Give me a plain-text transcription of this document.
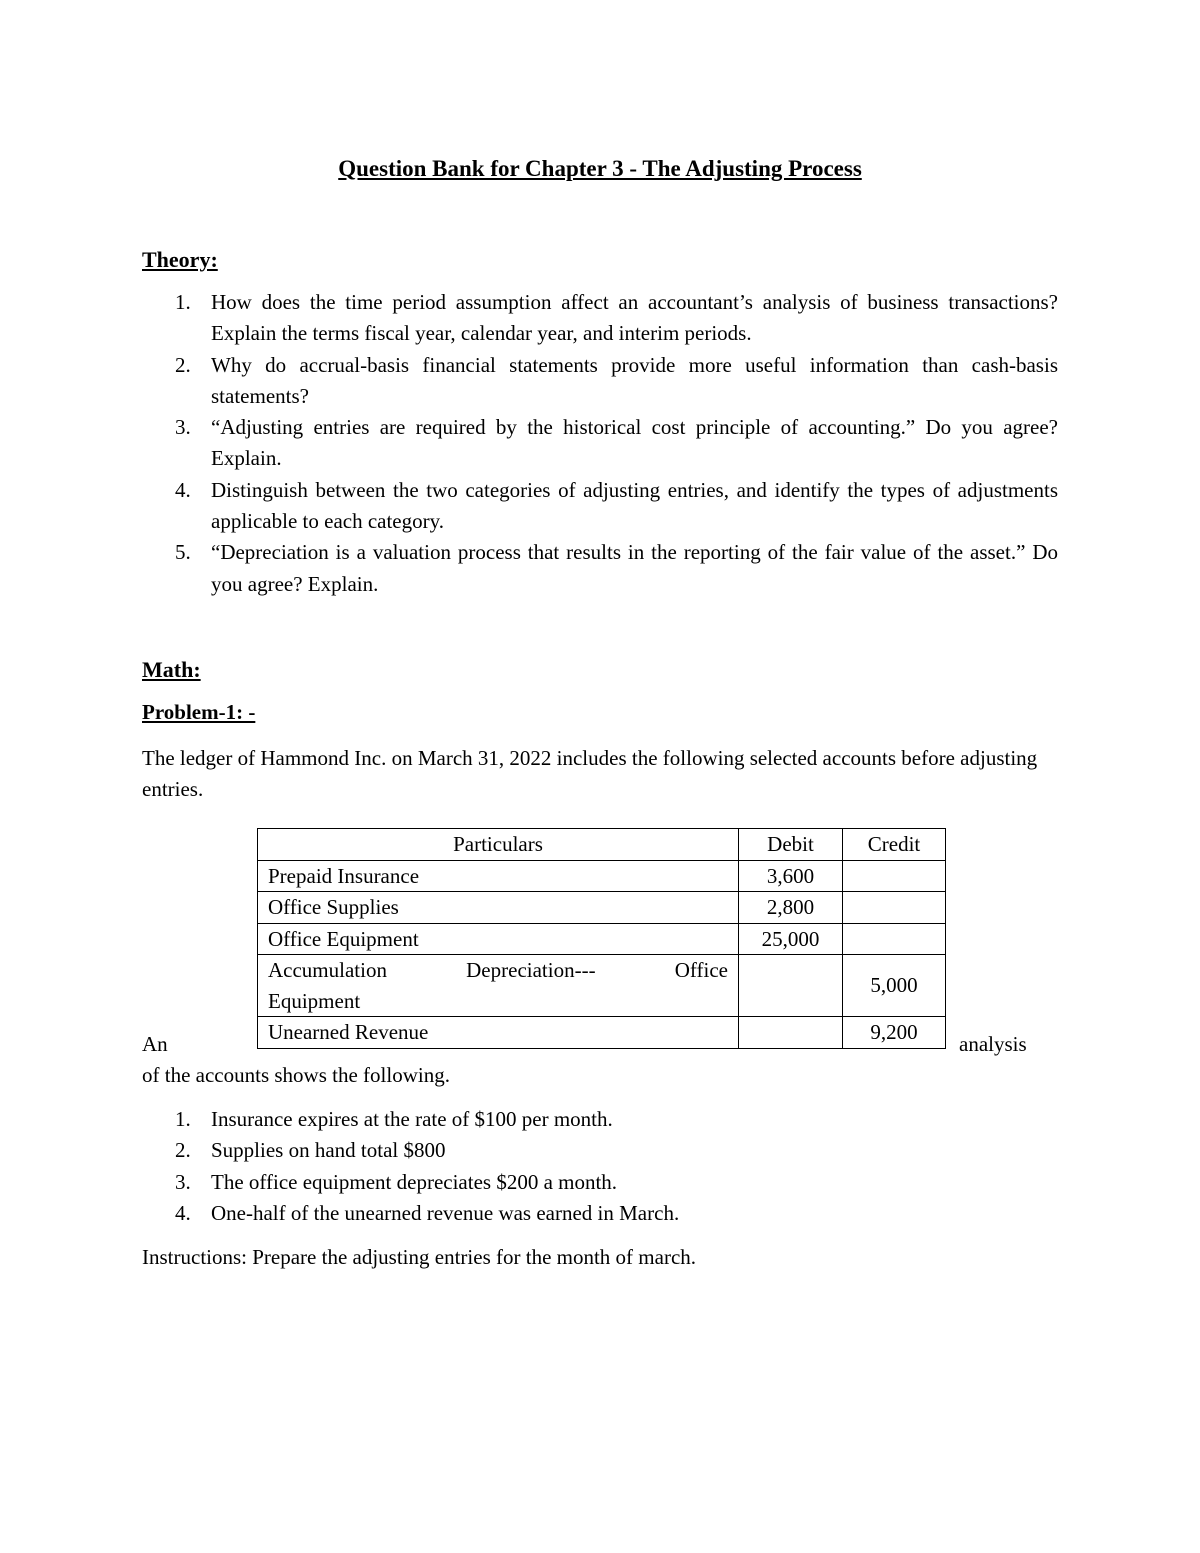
Question Bank for Chapter 3 - The Adjusting Process
Theory:
1. How does the time period assumption affect an accountant’s analysis of business transactions? Explain the terms fiscal year, calendar year, and interim periods.
2. Why do accrual-basis financial statements provide more useful information than cash-basis statements?
3. “Adjusting entries are required by the historical cost principle of accounting.” Do you agree? Explain.
4. Distinguish between the two categories of adjusting entries, and identify the types of adjustments applicable to each category.
5. “Depreciation is a valuation process that results in the reporting of the fair value of the asset.” Do you agree? Explain.
Math:
Problem-1: -
The ledger of Hammond Inc. on March 31, 2022 includes the following selected accounts before adjusting entries.
Particulars	Debit	Credit
Prepaid Insurance	3,600	
Office Supplies	2,800	
Office Equipment	25,000	

Accumulation Depreciation--- Office
Equipment		5,000
Unearned Revenue		9,200
An	analysis
of the accounts shows the following.
1. Insurance expires at the rate of $100 per month.
2. Supplies on hand total $800
3. The office equipment depreciates $200 a month.
4. One-half of the unearned revenue was earned in March.
Instructions: Prepare the adjusting entries for the month of march.
